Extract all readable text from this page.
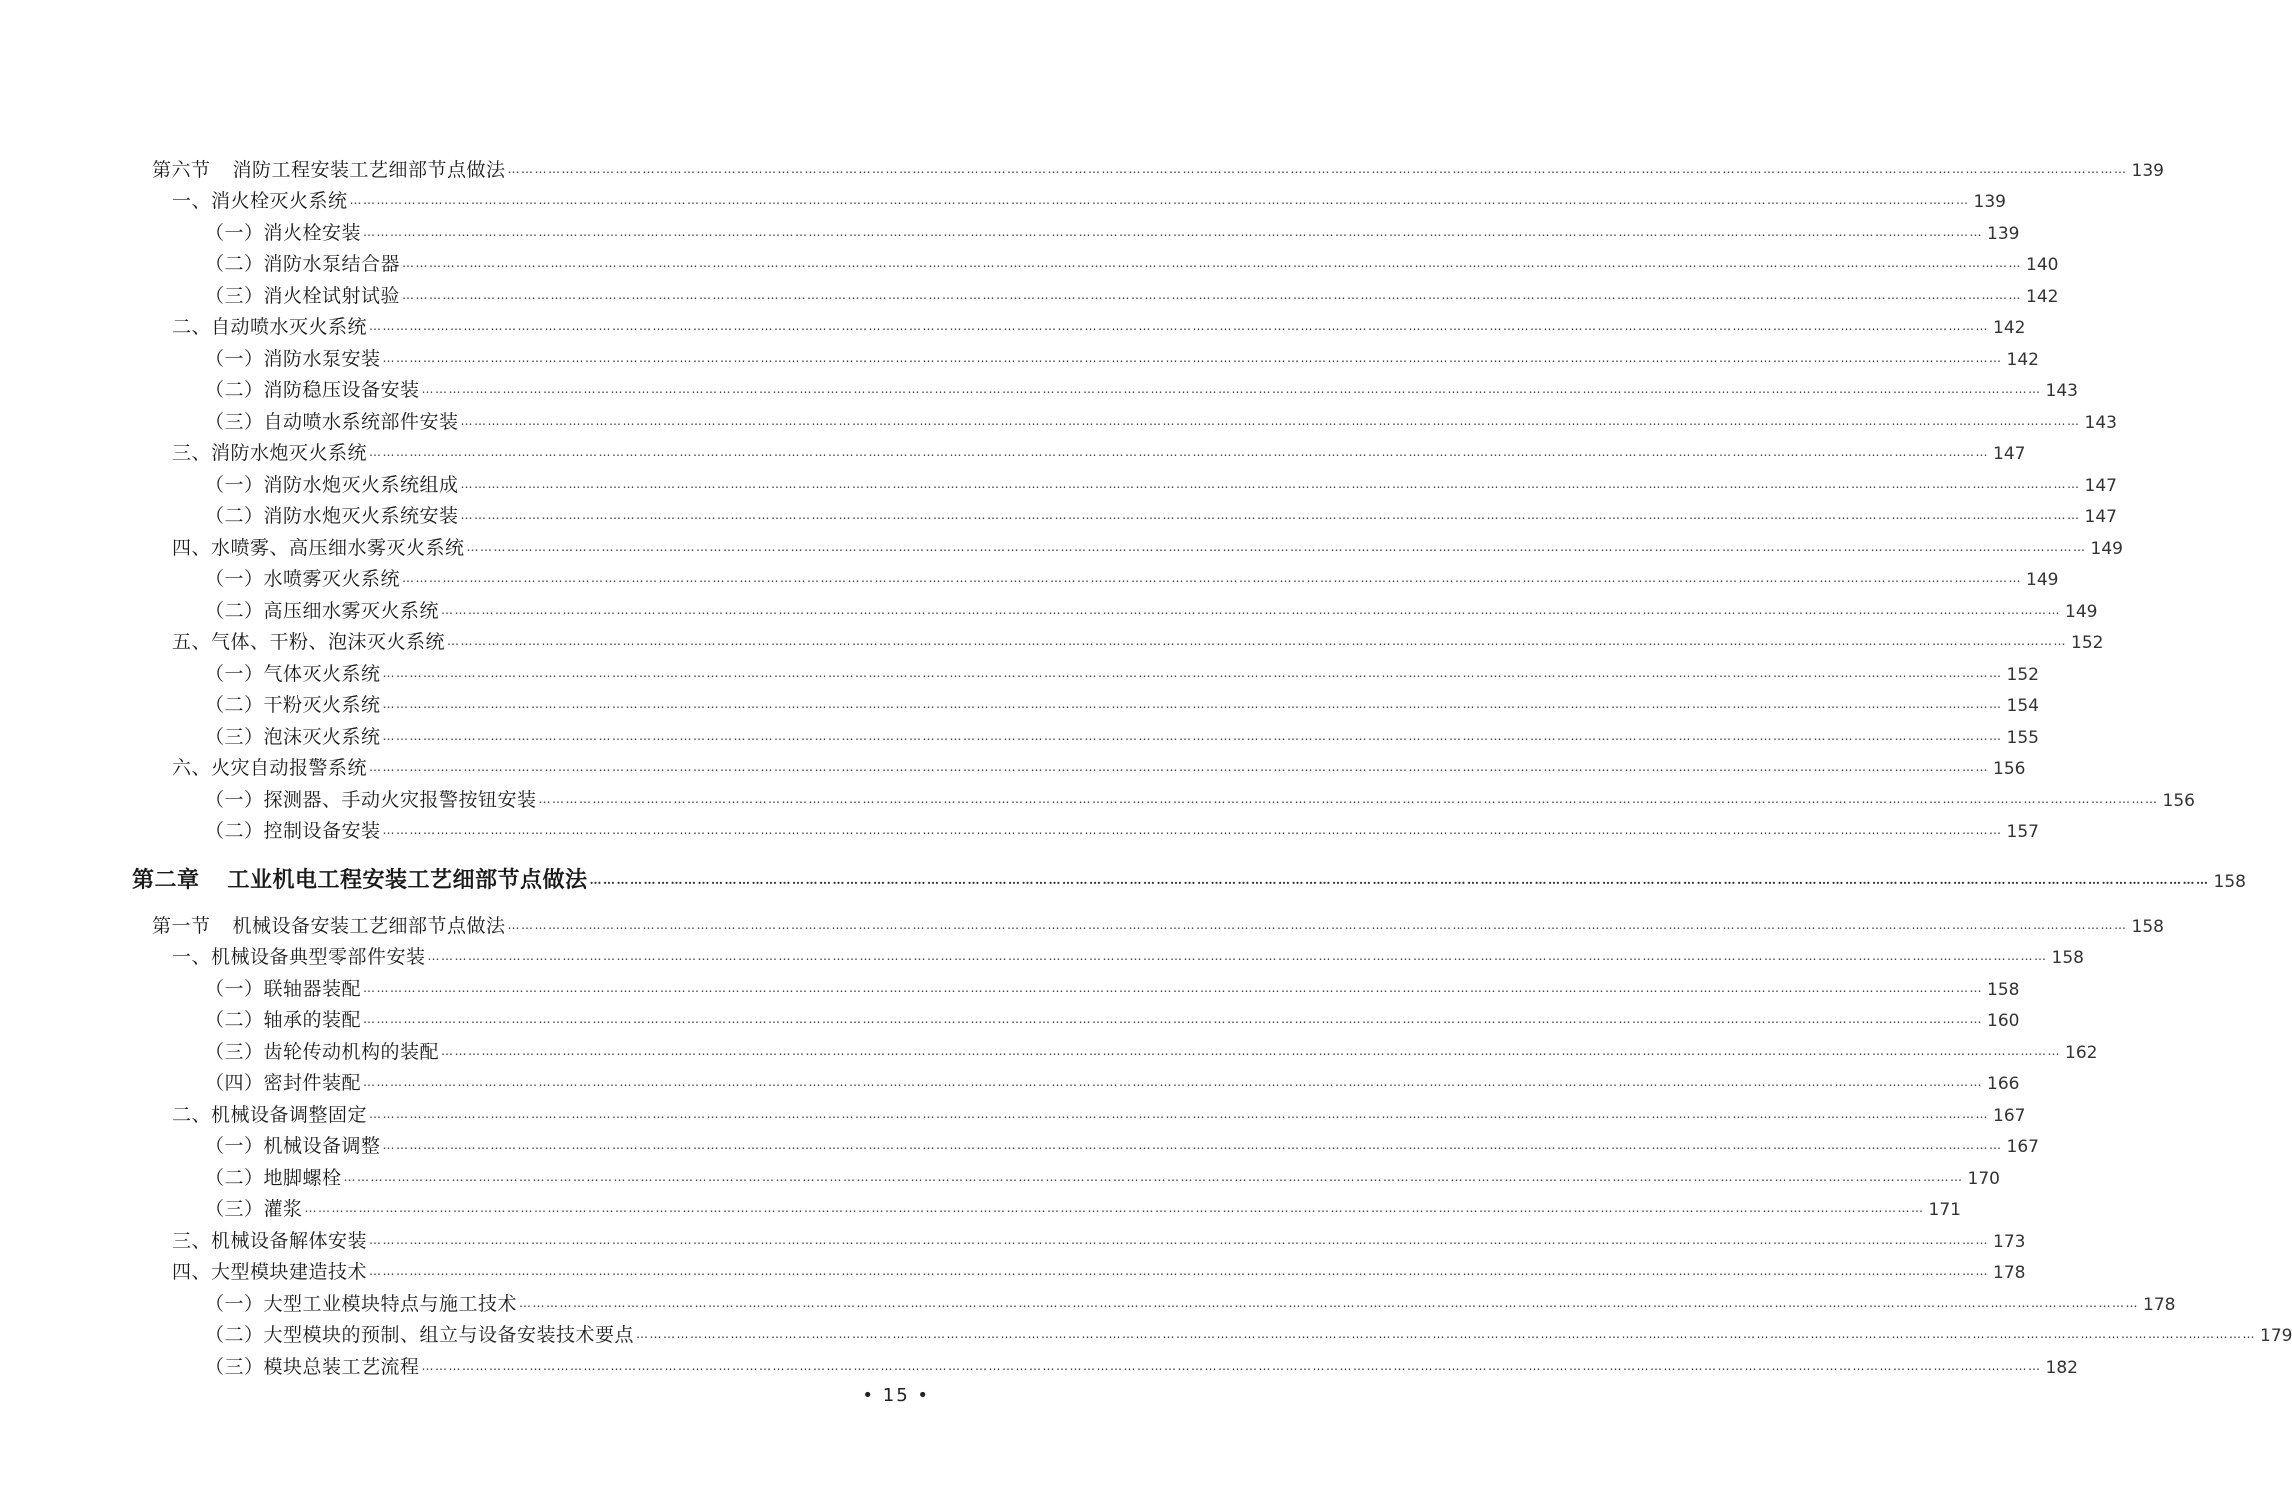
第六节 消防工程安装工艺细部节点做法 ……………………………………………………………………………………………………………………………………………………………………………………………………………………………………………………………………………………………………………………………… 139
一、消火栓灭火系统 ……………………………………………………………………………………………………………………………………………………………………………………………………………………………………………………………………………………………………………………………… 139
（一）消火栓安装 ……………………………………………………………………………………………………………………………………………………………………………………………………………………………………………………………………………………………………………………………… 139
（二）消防水泵结合器 ……………………………………………………………………………………………………………………………………………………………………………………………………………………………………………………………………………………………………………………………… 140
（三）消火栓试射试验 ……………………………………………………………………………………………………………………………………………………………………………………………………………………………………………………………………………………………………………………………… 142
二、自动喷水灭火系统 ……………………………………………………………………………………………………………………………………………………………………………………………………………………………………………………………………………………………………………………………… 142
（一）消防水泵安装 ……………………………………………………………………………………………………………………………………………………………………………………………………………………………………………………………………………………………………………………………… 142
（二）消防稳压设备安装 ……………………………………………………………………………………………………………………………………………………………………………………………………………………………………………………………………………………………………………………………… 143
（三）自动喷水系统部件安装 ……………………………………………………………………………………………………………………………………………………………………………………………………………………………………………………………………………………………………………………………… 143
三、消防水炮灭火系统 ……………………………………………………………………………………………………………………………………………………………………………………………………………………………………………………………………………………………………………………………… 147
（一）消防水炮灭火系统组成 ……………………………………………………………………………………………………………………………………………………………………………………………………………………………………………………………………………………………………………………………… 147
（二）消防水炮灭火系统安装 ……………………………………………………………………………………………………………………………………………………………………………………………………………………………………………………………………………………………………………………………… 147
四、水喷雾、高压细水雾灭火系统 ……………………………………………………………………………………………………………………………………………………………………………………………………………………………………………………………………………………………………………………………… 149
（一）水喷雾灭火系统 ……………………………………………………………………………………………………………………………………………………………………………………………………………………………………………………………………………………………………………………………… 149
（二）高压细水雾灭火系统 ……………………………………………………………………………………………………………………………………………………………………………………………………………………………………………………………………………………………………………………………… 149
五、气体、干粉、泡沫灭火系统 ……………………………………………………………………………………………………………………………………………………………………………………………………………………………………………………………………………………………………………………………… 152
（一）气体灭火系统 ……………………………………………………………………………………………………………………………………………………………………………………………………………………………………………………………………………………………………………………………… 152
（二）干粉灭火系统 ……………………………………………………………………………………………………………………………………………………………………………………………………………………………………………………………………………………………………………………………… 154
（三）泡沫灭火系统 ……………………………………………………………………………………………………………………………………………………………………………………………………………………………………………………………………………………………………………………………… 155
六、火灾自动报警系统 ……………………………………………………………………………………………………………………………………………………………………………………………………………………………………………………………………………………………………………………………… 156
（一）探测器、手动火灾报警按钮安装 ……………………………………………………………………………………………………………………………………………………………………………………………………………………………………………………………………………………………………………………………… 156
（二）控制设备安装 ……………………………………………………………………………………………………………………………………………………………………………………………………………………………………………………………………………………………………………………………… 157
第二章 工业机电工程安装工艺细部节点做法 ……………………………………………………………………………………………………………………………………………………………………………………………………………………………………………………………………………………………………………………………… 158
第一节 机械设备安装工艺细部节点做法 ……………………………………………………………………………………………………………………………………………………………………………………………………………………………………………………………………………………………………………………………… 158
一、机械设备典型零部件安装 ……………………………………………………………………………………………………………………………………………………………………………………………………………………………………………………………………………………………………………………………… 158
（一）联轴器装配 ……………………………………………………………………………………………………………………………………………………………………………………………………………………………………………………………………………………………………………………………… 158
（二）轴承的装配 ……………………………………………………………………………………………………………………………………………………………………………………………………………………………………………………………………………………………………………………………… 160
（三）齿轮传动机构的装配 ……………………………………………………………………………………………………………………………………………………………………………………………………………………………………………………………………………………………………………………………… 162
（四）密封件装配 ……………………………………………………………………………………………………………………………………………………………………………………………………………………………………………………………………………………………………………………………… 166
二、机械设备调整固定 ……………………………………………………………………………………………………………………………………………………………………………………………………………………………………………………………………………………………………………………………… 167
（一）机械设备调整 ……………………………………………………………………………………………………………………………………………………………………………………………………………………………………………………………………………………………………………………………… 167
（二）地脚螺栓 ……………………………………………………………………………………………………………………………………………………………………………………………………………………………………………………………………………………………………………………………… 170
（三）灌浆 ……………………………………………………………………………………………………………………………………………………………………………………………………………………………………………………………………………………………………………………………… 171
三、机械设备解体安装 ……………………………………………………………………………………………………………………………………………………………………………………………………………………………………………………………………………………………………………………………… 173
四、大型模块建造技术 ……………………………………………………………………………………………………………………………………………………………………………………………………………………………………………………………………………………………………………………………… 178
（一）大型工业模块特点与施工技术 ……………………………………………………………………………………………………………………………………………………………………………………………………………………………………………………………………………………………………………………………… 178
（二）大型模块的预制、组立与设备安装技术要点 ……………………………………………………………………………………………………………………………………………………………………………………………………………………………………………………………………………………………………………………………… 179
（三）模块总装工艺流程 ……………………………………………………………………………………………………………………………………………………………………………………………………………………………………………………………………………………………………………………………… 182
• 15 •
